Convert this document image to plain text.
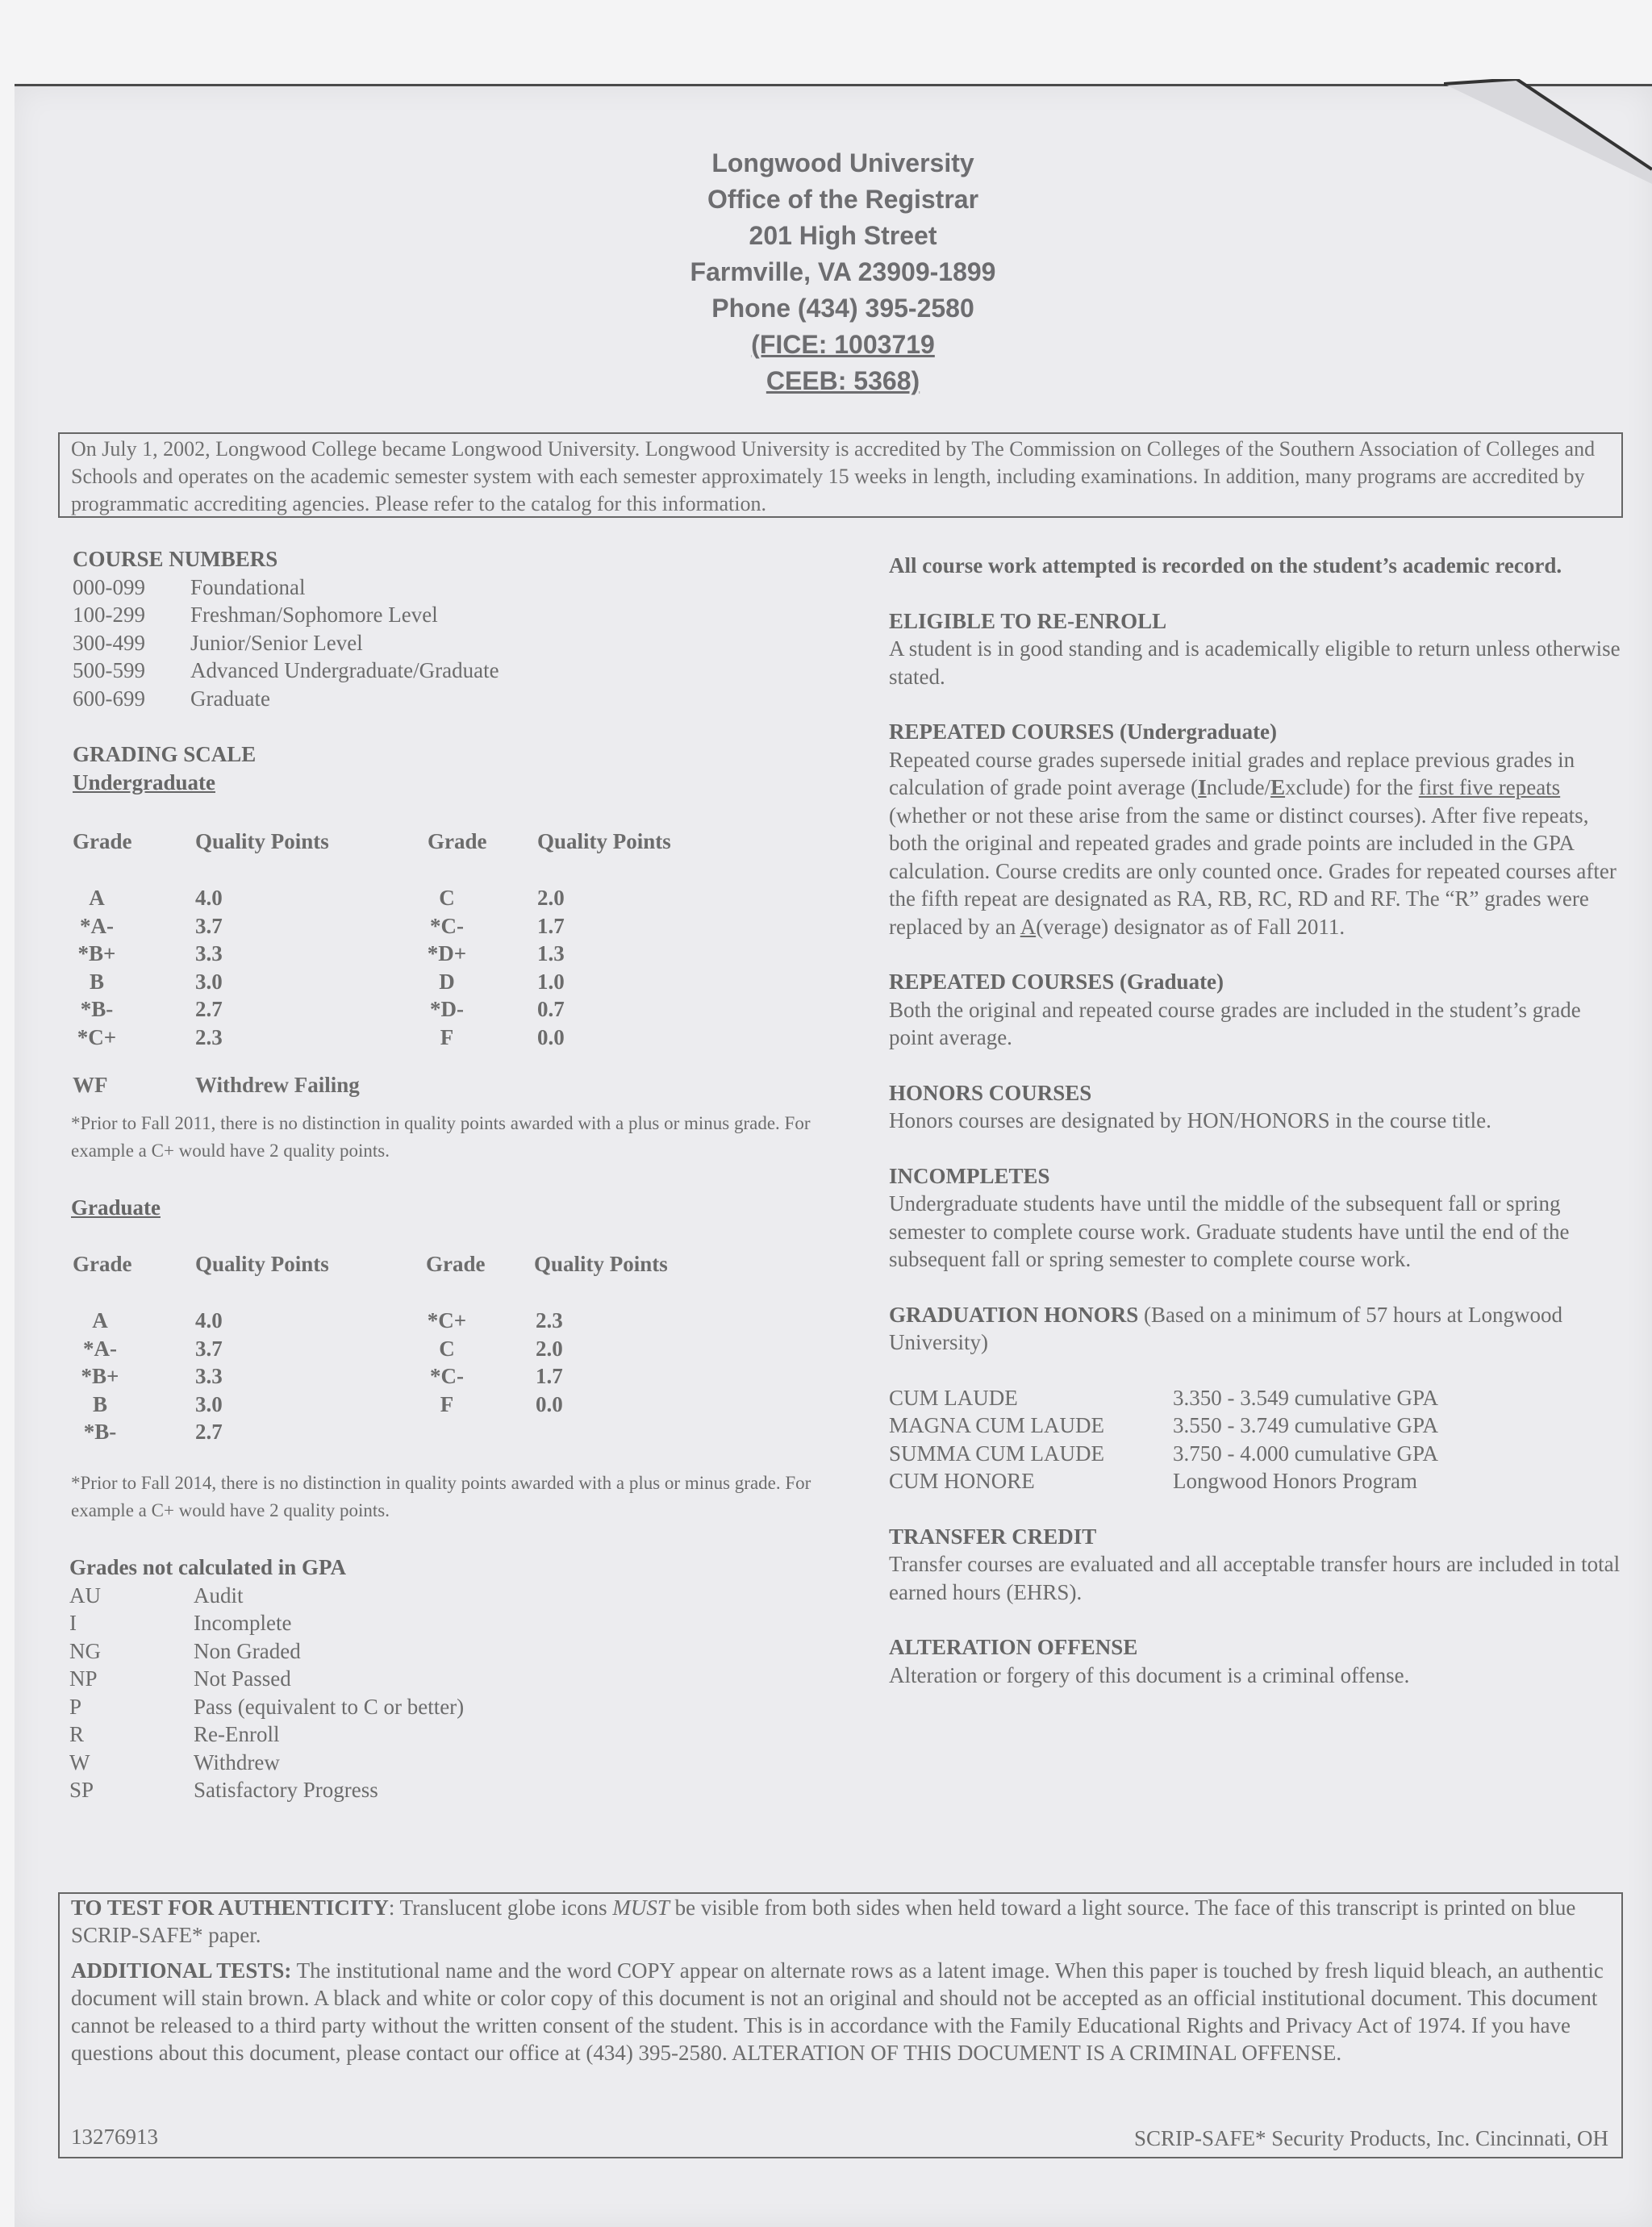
Longwood University
Office of the Registrar
201 High Street
Farmville, VA 23909-1899
Phone (434) 395-2580
(FICE: 1003719
CEEB: 5368)
On July 1, 2002, Longwood College became Longwood University. Longwood University is accredited by The Commission on Colleges of the Southern Association of Colleges and Schools and operates on the academic semester system with each semester approximately 15 weeks in length, including examinations. In addition, many programs are accredited by programmatic accrediting agencies. Please refer to the catalog for this information.
COURSE NUMBERS
000-099 Foundational
100-299 Freshman/Sophomore Level
300-499 Junior/Senior Level
500-599 Advanced Undergraduate/Graduate
600-699 Graduate
GRADING SCALE
Undergraduate
Grade	Quality Points	Grade Quality Points
A	4.0	C	2.0
*A-	3.7	*C-	1.7
*B+	3.3	*D+	1.3
B	3.0	D	1.0
*B-	2.7	*D-	0.7
*C+	2.3	F	0.0
WF	Withdrew Failing
*Prior to Fall 2011, there is no distinction in quality points awarded with a plus or minus grade. For example a C+ would have 2 quality points.
Graduate
Grade	Quality Points	Grade Quality Points
A	4.0	*C+	2.3
*A-	3.7	C	2.0
*B+	3.3	*C-	1.7
B	3.0	F	0.0
*B-	2.7
*Prior to Fall 2014, there is no distinction in quality points awarded with a plus or minus grade. For example a C+ would have 2 quality points.
Grades not calculated in GPA
AU	Audit
I	Incomplete
NG	Non Graded
NP	Not Passed
P	Pass (equivalent to C or better)
R	Re-Enroll
W	Withdrew
SP	Satisfactory Progress
All course work attempted is recorded on the student’s academic record.
ELIGIBLE TO RE-ENROLL
A student is in good standing and is academically eligible to return unless otherwise stated.
REPEATED COURSES (Undergraduate)
Repeated course grades supersede initial grades and replace previous grades in calculation of grade point average (Include/Exclude) for the first five repeats (whether or not these arise from the same or distinct courses). After five repeats, both the original and repeated grades and grade points are included in the GPA calculation. Course credits are only counted once. Grades for repeated courses after the fifth repeat are designated as RA, RB, RC, RD and RF. The “R” grades were replaced by an A(verage) designator as of Fall 2011.
REPEATED COURSES (Graduate)
Both the original and repeated course grades are included in the student’s grade point average.
HONORS COURSES
Honors courses are designated by HON/HONORS in the course title.
INCOMPLETES
Undergraduate students have until the middle of the subsequent fall or spring semester to complete course work. Graduate students have until the end of the subsequent fall or spring semester to complete course work.
GRADUATION HONORS (Based on a minimum of 57 hours at Longwood University)
CUM LAUDE	3.350 - 3.549 cumulative GPA
MAGNA CUM LAUDE	3.550 - 3.749 cumulative GPA
SUMMA CUM LAUDE	3.750 - 4.000 cumulative GPA
CUM HONORE	Longwood Honors Program
TRANSFER CREDIT
Transfer courses are evaluated and all acceptable transfer hours are included in total earned hours (EHRS).
ALTERATION OFFENSE
Alteration or forgery of this document is a criminal offense.

TO TEST FOR AUTHENTICITY: Translucent globe icons MUST be visible from both sides when held toward a light source. The face of this transcript is printed on blue SCRIP-SAFE* paper.

ADDITIONAL TESTS: The institutional name and the word COPY appear on alternate rows as a latent image. When this paper is touched by fresh liquid bleach, an authentic document will stain brown. A black and white or color copy of this document is not an original and should not be accepted as an official institutional document. This document cannot be released to a third party without the written consent of the student. This is in accordance with the Family Educational Rights and Privacy Act of 1974. If you have questions about this document, please contact our office at (434) 395-2580. ALTERATION OF THIS DOCUMENT IS A CRIMINAL OFFENSE.

13276913	SCRIP-SAFE* Security Products, Inc. Cincinnati, OH
